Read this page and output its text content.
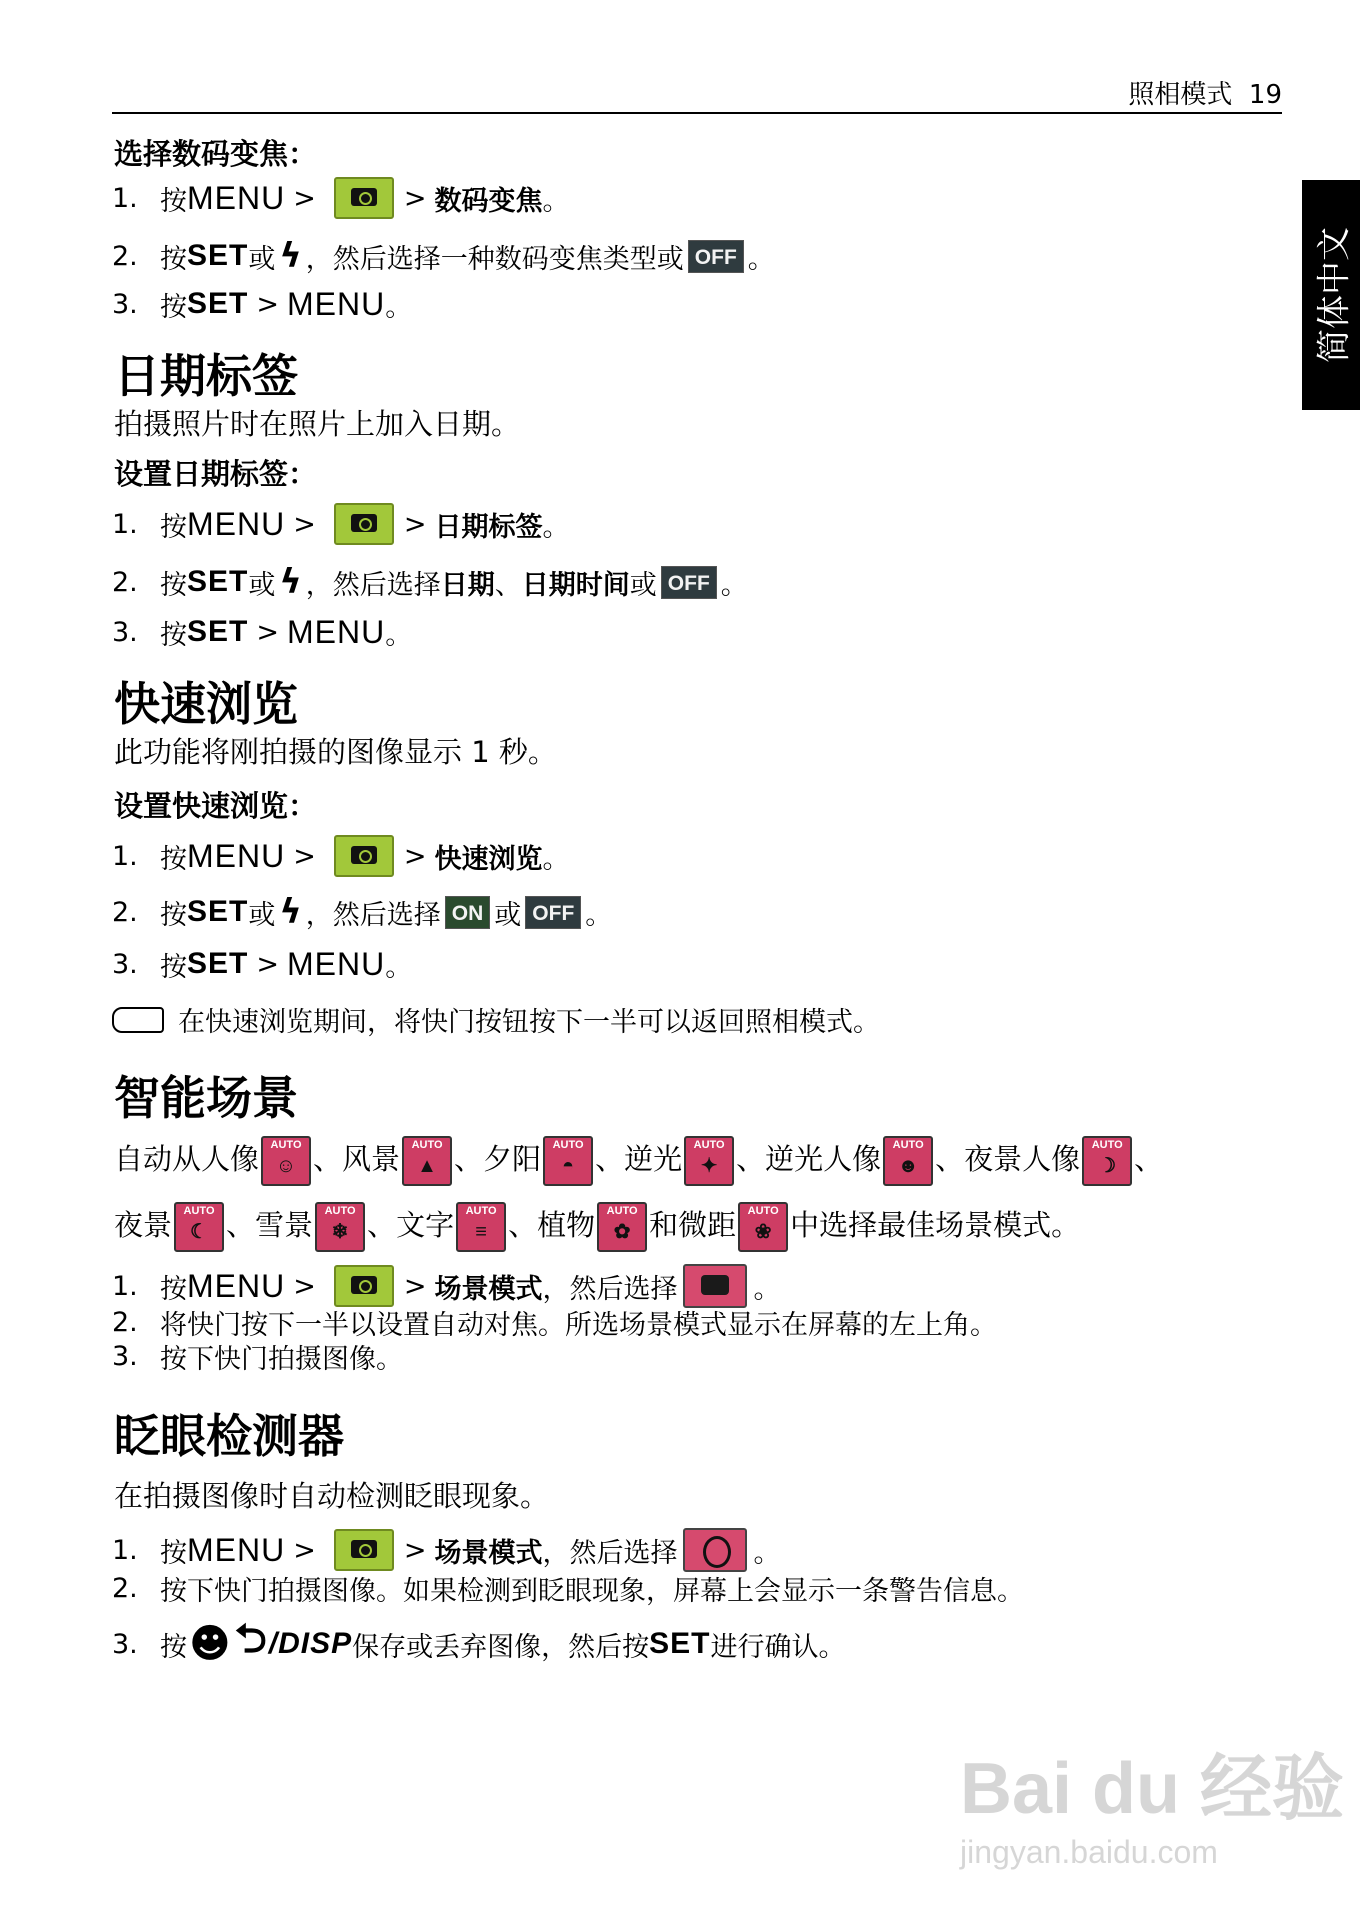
照相模式 19
简体中文
选择数码变焦：
1. 按 MENU >	> 数码变焦 。
2. 按 SET 或 ϟ ，然后选择一种数码变焦类型或 OFF 。
3. 按 SET > MENU 。
日期标签
拍摄照片时在照片上加入日期。
设置日期标签：
1. 按 MENU >	> 日期标签 。
2. 按 SET 或 ϟ ，然后选择 日期 、 日期时间 或 OFF 。
3. 按 SET > MENU 。
快速浏览
此功能将刚拍摄的图像显示 1 秒。
设置快速浏览：
1. 按 MENU >	> 快速浏览 。
2. 按 SET 或 ϟ ，然后选择 ON 或 OFF 。
3. 按 SET > MENU 。
在快速浏览期间，将快门按钮按下一半可以返回照相模式。
智能场景
自动从人像 AUTO
☺ 、风景 AUTO
▲ 、夕阳 AUTO
◓ 、逆光 AUTO
✦ 、逆光人像 AUTO
☻ 、夜景人像 AUTO
☽ 、
夜景 AUTO
☾ 、雪景 AUTO
❄ 、文字 AUTO
≡ 、植物 AUTO
✿ 和微距 AUTO
❀ 中选择最佳场景模式。
1. 按 MENU >	> 场景模式 ，然后选择	。
2. 将快门按下一半以设置自动对焦。所选场景模式显示在屏幕的左上角。
3. 按下快门拍摄图像。
眨眼检测器
在拍摄图像时自动检测眨眼现象。
1. 按 MENU >	> 场景模式 ，然后选择	。
2. 按下快门拍摄图像。如果检测到眨眼现象，屏幕上会显示一条警告信息。
3. 按 ☻ ⮌ /DISP 保存或丢弃图像，然后按 SET 进行确认。
Bai du 经验
jingyan.baidu.com
